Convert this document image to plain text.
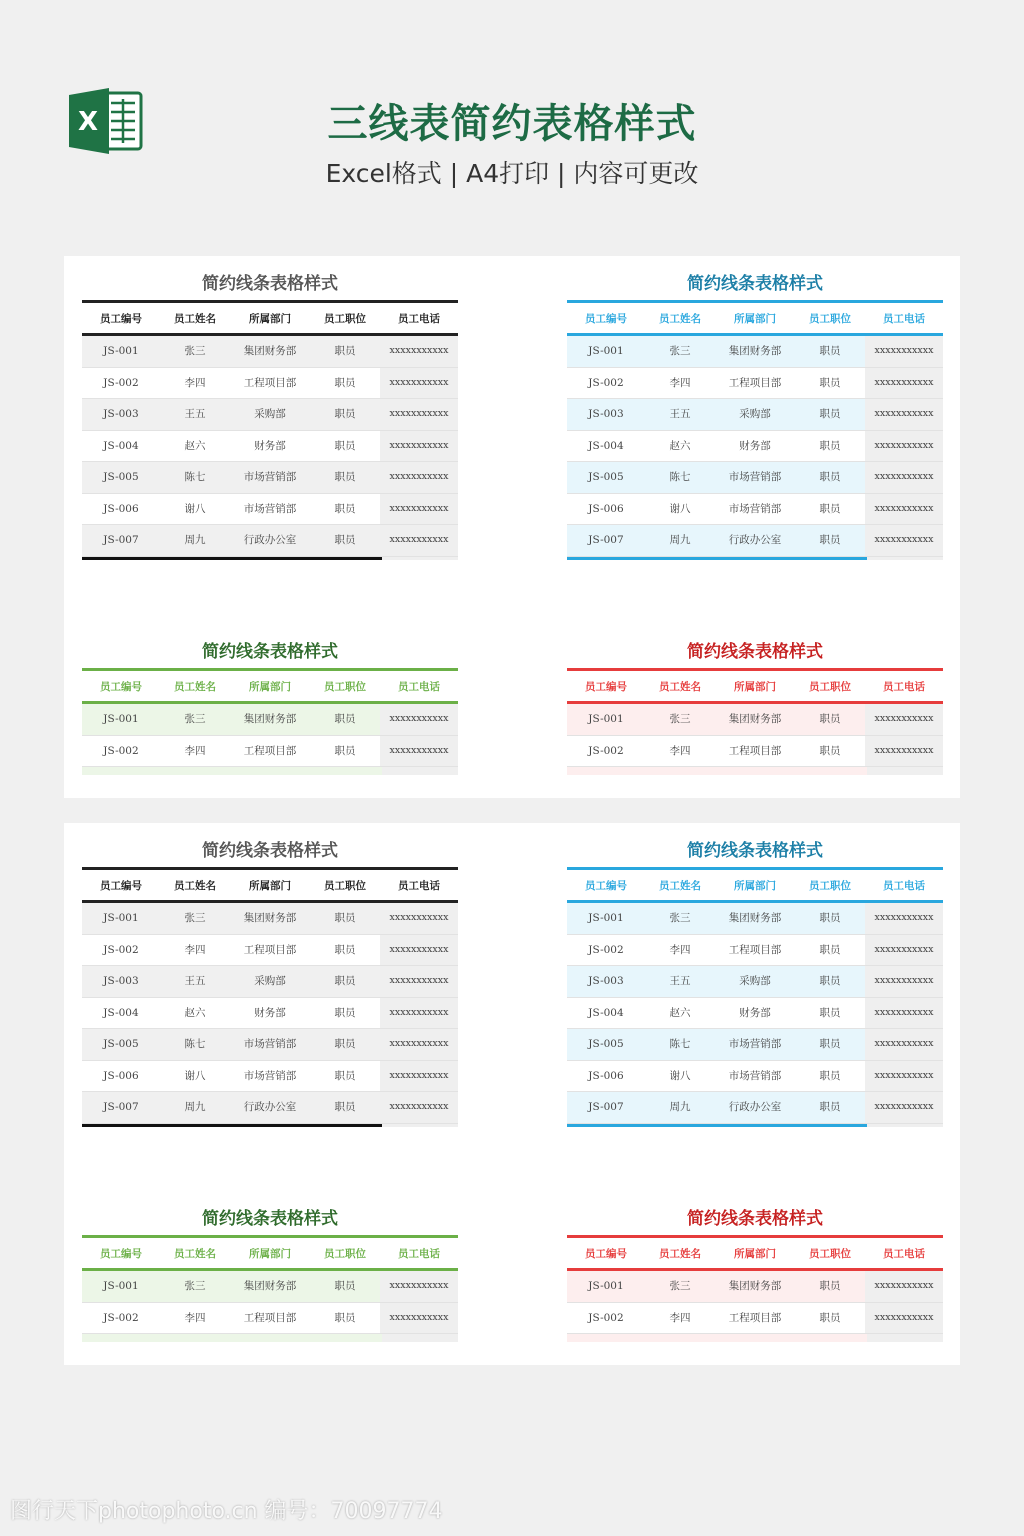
X	三线表简约表格样式
Excel格式 | A4打印 | 内容可更改
简约线条表格样式
员工编号	员工姓名	所属部门	员工职位	员工电话
JS-001	张三	集团财务部	职员	xxxxxxxxxxx
JS-002	李四	工程项目部	职员	xxxxxxxxxxx
JS-003	王五	采购部	职员	xxxxxxxxxxx
JS-004	赵六	财务部	职员	xxxxxxxxxxx
JS-005	陈七	市场营销部	职员	xxxxxxxxxxx
JS-006	谢八	市场营销部	职员	xxxxxxxxxxx
JS-007	周九	行政办公室	职员	xxxxxxxxxxx
简约线条表格样式
员工编号	员工姓名	所属部门	员工职位	员工电话
JS-001	张三	集团财务部	职员	xxxxxxxxxxx
JS-002	李四	工程项目部	职员	xxxxxxxxxxx
JS-003	王五	采购部	职员	xxxxxxxxxxx
JS-004	赵六	财务部	职员	xxxxxxxxxxx
JS-005	陈七	市场营销部	职员	xxxxxxxxxxx
JS-006	谢八	市场营销部	职员	xxxxxxxxxxx
JS-007	周九	行政办公室	职员	xxxxxxxxxxx
简约线条表格样式
员工编号	员工姓名	所属部门	员工职位	员工电话
JS-001	张三	集团财务部	职员	xxxxxxxxxxx
JS-002	李四	工程项目部	职员	xxxxxxxxxxx
简约线条表格样式
员工编号	员工姓名	所属部门	员工职位	员工电话
JS-001	张三	集团财务部	职员	xxxxxxxxxxx
JS-002	李四	工程项目部	职员	xxxxxxxxxxx
简约线条表格样式
员工编号	员工姓名	所属部门	员工职位	员工电话
JS-001	张三	集团财务部	职员	xxxxxxxxxxx
JS-002	李四	工程项目部	职员	xxxxxxxxxxx
JS-003	王五	采购部	职员	xxxxxxxxxxx
JS-004	赵六	财务部	职员	xxxxxxxxxxx
JS-005	陈七	市场营销部	职员	xxxxxxxxxxx
JS-006	谢八	市场营销部	职员	xxxxxxxxxxx
JS-007	周九	行政办公室	职员	xxxxxxxxxxx
简约线条表格样式
员工编号	员工姓名	所属部门	员工职位	员工电话
JS-001	张三	集团财务部	职员	xxxxxxxxxxx
JS-002	李四	工程项目部	职员	xxxxxxxxxxx
JS-003	王五	采购部	职员	xxxxxxxxxxx
JS-004	赵六	财务部	职员	xxxxxxxxxxx
JS-005	陈七	市场营销部	职员	xxxxxxxxxxx
JS-006	谢八	市场营销部	职员	xxxxxxxxxxx
JS-007	周九	行政办公室	职员	xxxxxxxxxxx
简约线条表格样式
员工编号	员工姓名	所属部门	员工职位	员工电话
JS-001	张三	集团财务部	职员	xxxxxxxxxxx
JS-002	李四	工程项目部	职员	xxxxxxxxxxx
简约线条表格样式
员工编号	员工姓名	所属部门	员工职位	员工电话
JS-001	张三	集团财务部	职员	xxxxxxxxxxx
JS-002	李四	工程项目部	职员	xxxxxxxxxxx
图行天下photophoto.cn 编号：70097774
